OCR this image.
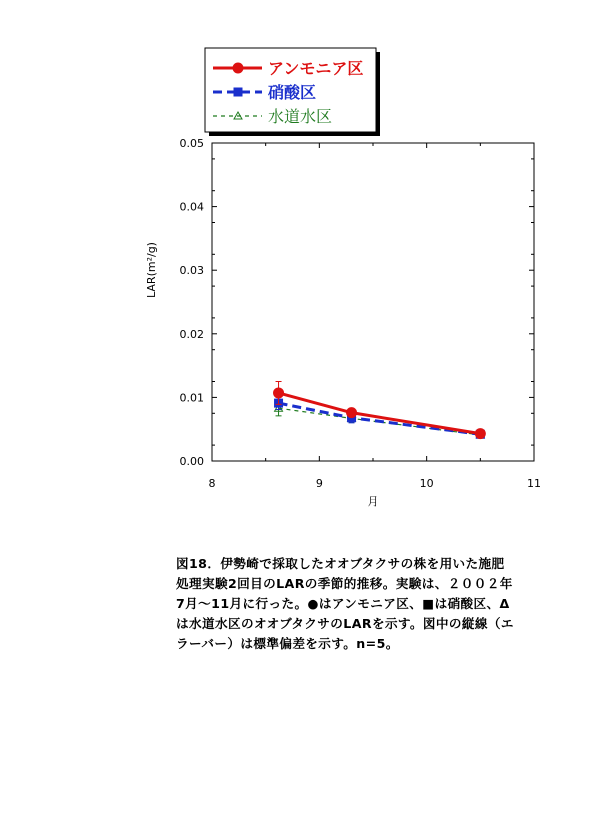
アンモニア区
硝酸区
水道水区
0.00
0.01
0.02
0.03
0.04
0.05
8	9	10	11
LAR(m²/g)
月
図18．伊勢崎で採取したオオブタクサの株を用いた施肥
処理実験2回目のLARの季節的推移。実験は、２００２年
7月～11月に行った。●はアンモニア区、■は硝酸区、Δ
は水道水区のオオブタクサのLARを示す。図中の縦線（エ
ラーバー）は標準偏差を示す。n=5。
